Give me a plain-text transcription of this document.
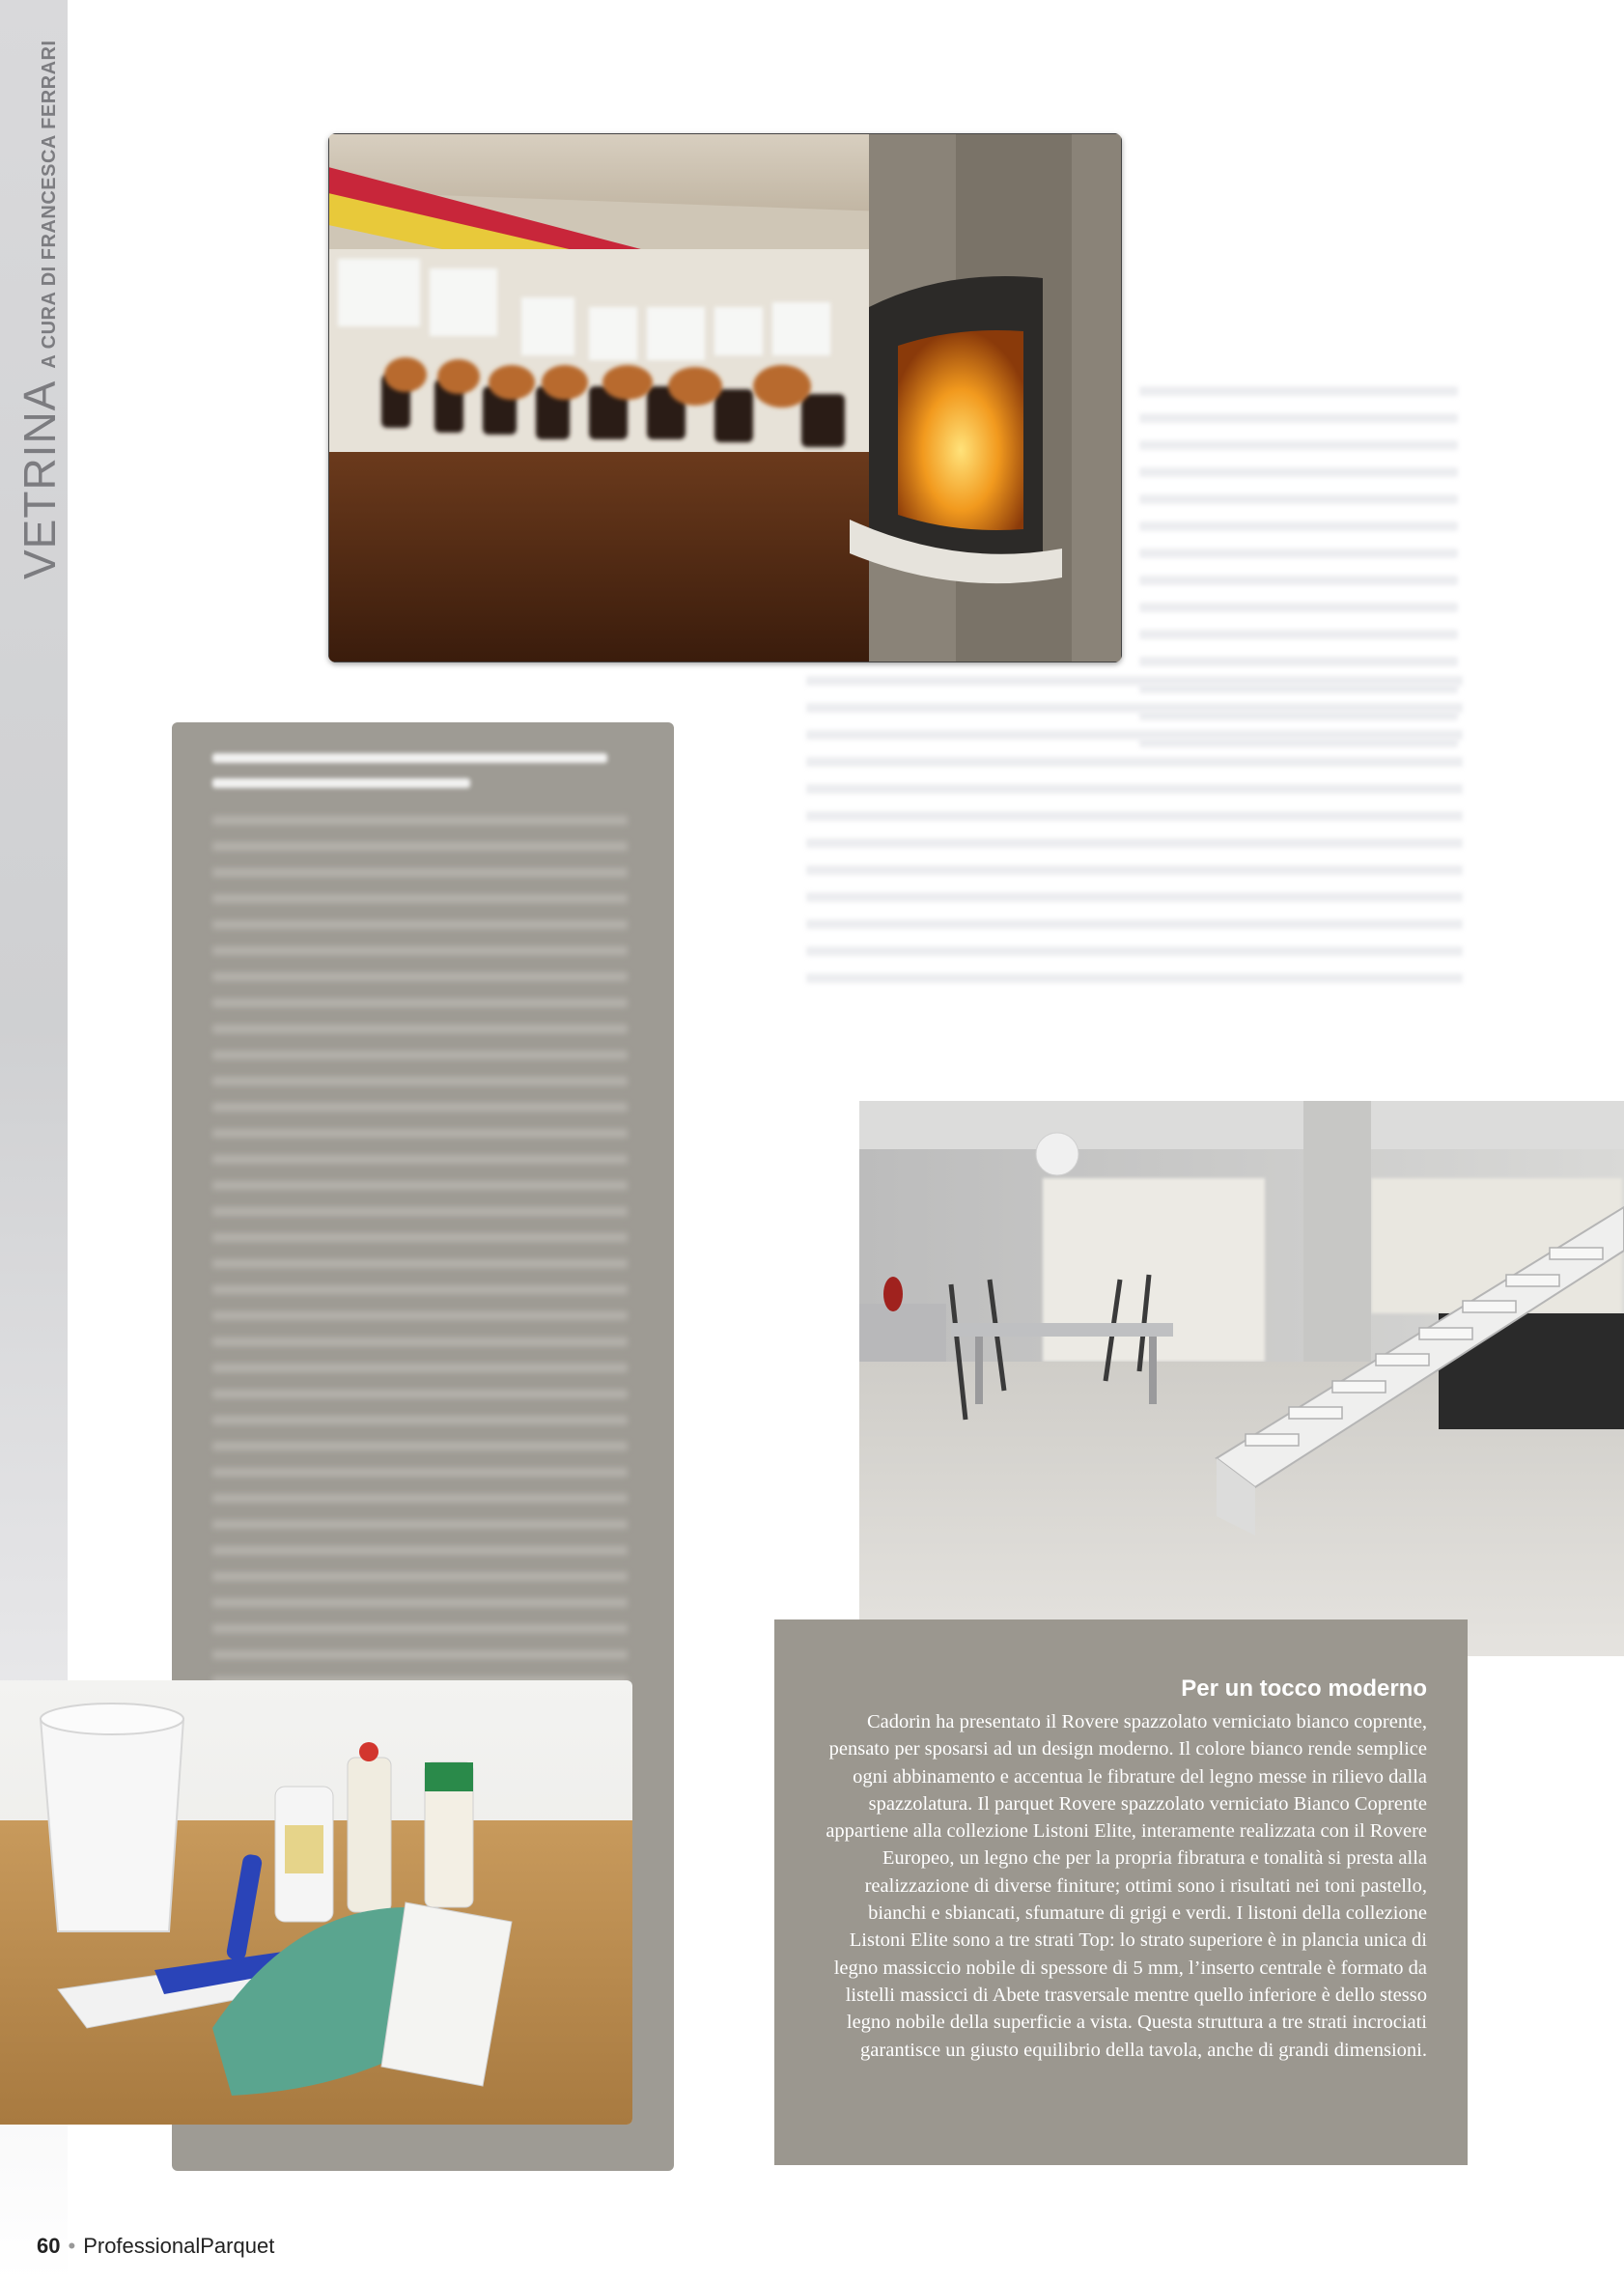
VETRINAA CURA DI FRANCESCA FERRARI

Per un tocco moderno

Cadorin ha presentato il Rovere spazzolato verniciato bianco coprente, pensato per sposarsi ad un design moderno. Il colore bianco rende semplice ogni abbinamento e accentua le fibrature del legno messe in rilievo dalla spazzolatura. Il parquet Rovere spazzolato verniciato Bianco Coprente appartiene alla collezione Listoni Elite, interamente realizzata con il Rovere Europeo, un legno che per la propria fibratura e tonalità si presta alla realizzazione di diverse finiture; ottimi sono i risultati nei toni pastello, bianchi e sbiancati, sfumature di grigi e verdi. I listoni della collezione Listoni Elite sono a tre strati Top: lo strato superiore è in plancia unica di legno massiccio nobile di spessore di 5 mm, l’inserto centrale è formato da listelli massicci di Abete trasversale mentre quello inferiore è dello stesso legno nobile della superficie a vista. Questa struttura a tre strati incrociati garantisce un giusto equilibrio della tavola, anche di grandi dimensioni.

60 • ProfessionalParquet
